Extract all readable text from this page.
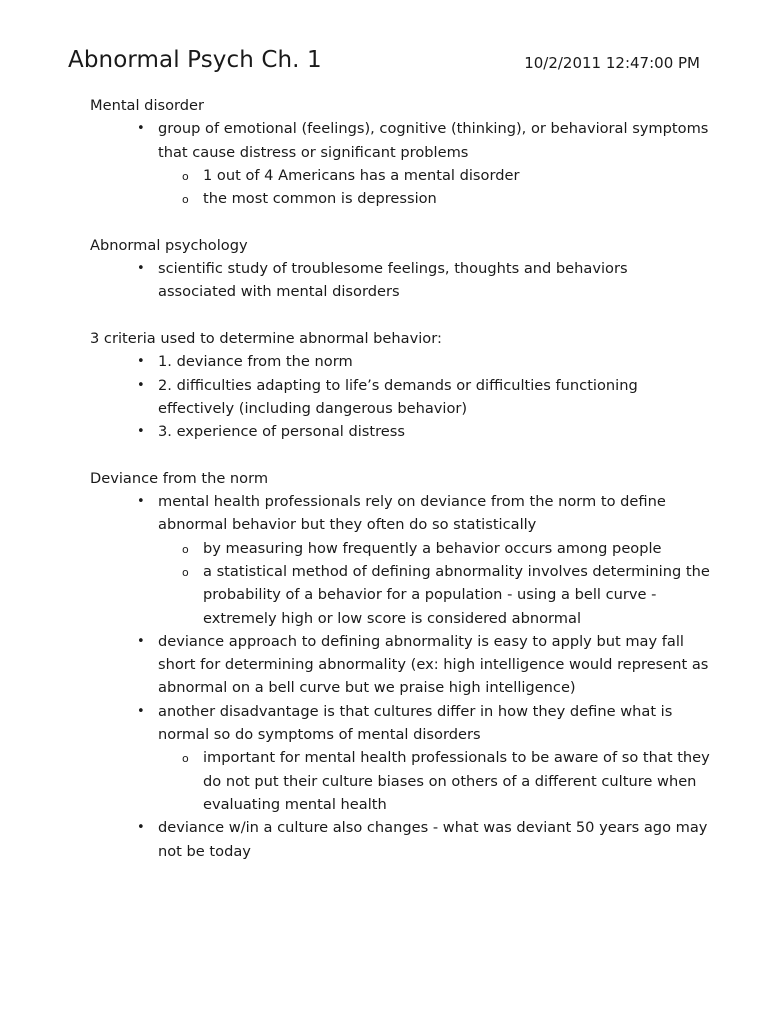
Abnormal Psych Ch. 1	10/2/2011 12:47:00 PM
Mental disorder
• group of emotional (feelings), cognitive (thinking), or behavioral symptoms that cause distress or significant problems
o 1 out of 4 Americans has a mental disorder
o the most common is depression
Abnormal psychology
• scientific study of troublesome feelings, thoughts and behaviors associated with mental disorders
3 criteria used to determine abnormal behavior:
• 1. deviance from the norm
• 2. difficulties adapting to life’s demands or difficulties functioning effectively (including dangerous behavior)
• 3. experience of personal distress
Deviance from the norm
• mental health professionals rely on deviance from the norm to define abnormal behavior but they often do so statistically
o by measuring how frequently a behavior occurs among people
o a statistical method of defining abnormality involves determining the probability of a behavior for a population - using a bell curve - extremely high or low score is considered abnormal
• deviance approach to defining abnormality is easy to apply but may fall short for determining abnormality (ex: high intelligence would represent as abnormal on a bell curve but we praise high intelligence)
• another disadvantage is that cultures differ in how they define what is normal so do symptoms of mental disorders
o important for mental health professionals to be aware of so that they do not put their culture biases on others of a different culture when evaluating mental health
• deviance w/in a culture also changes - what was deviant 50 years ago may not be today
